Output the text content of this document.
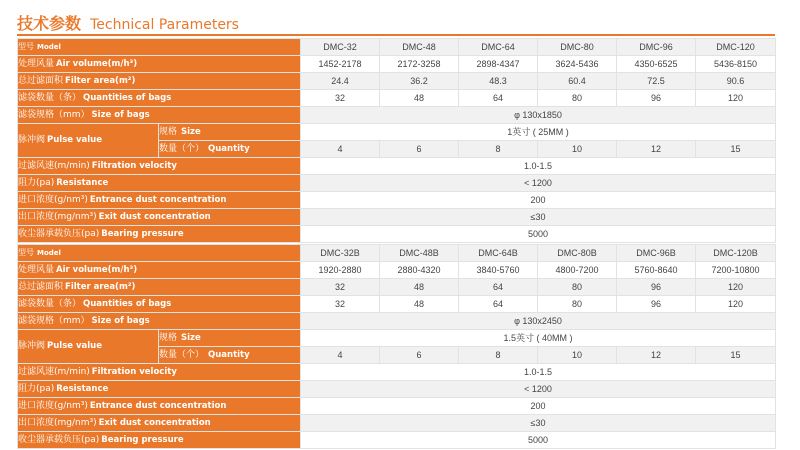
技术参数 Technical Parameters
型号 Model		DMC-32	DMC-48	DMC-64	DMC-80	DMC-96	DMC-120
处理风量 Air volume(m/h³)		1452-2178	2172-3258	2898-4347	3624-5436	4350-6525	5436-8150
总过滤面积 Filter area(m²)		24.4	36.2	48.3	60.4	72.5	90.6
滤袋数量（条） Quantities of bags		32	48	64	80	96	120
滤袋规格（mm） Size of bags		φ 130x1850					
脉冲阀 Pulse value	规格 Size	1英寸 ( 25MM )					
	数量（个） Quantity	4	6	8	10	12	15
过滤风速(m/min) Filtration velocity		1.0-1.5					
阻力(pa) Resistance		< 1200					
进口浓度(g/nm³) Entrance dust concentration		200					
出口浓度(mg/nm³) Exit dust concentration		≤30					
收尘器承载负压(pa) Bearing pressure		5000					
型号 Model		DMC-32B	DMC-48B	DMC-64B	DMC-80B	DMC-96B	DMC-120B
处理风量 Air volume(m/h³)		1920-2880	2880-4320	3840-5760	4800-7200	5760-8640	7200-10800
总过滤面积 Filter area(m²)		32	48	64	80	96	120
滤袋数量（条） Quantities of bags		32	48	64	80	96	120
滤袋规格（mm） Size of bags		φ 130x2450					
脉冲阀 Pulse value	规格 Size	1.5英寸 ( 40MM )					
	数量（个） Quantity	4	6	8	10	12	15
过滤风速(m/min) Filtration velocity		1.0-1.5					
阻力(pa) Resistance		< 1200					
进口浓度(g/nm³) Entrance dust concentration		200					
出口浓度(mg/nm³) Exit dust concentration		≤30					
收尘器承载负压(pa) Bearing pressure		5000					
